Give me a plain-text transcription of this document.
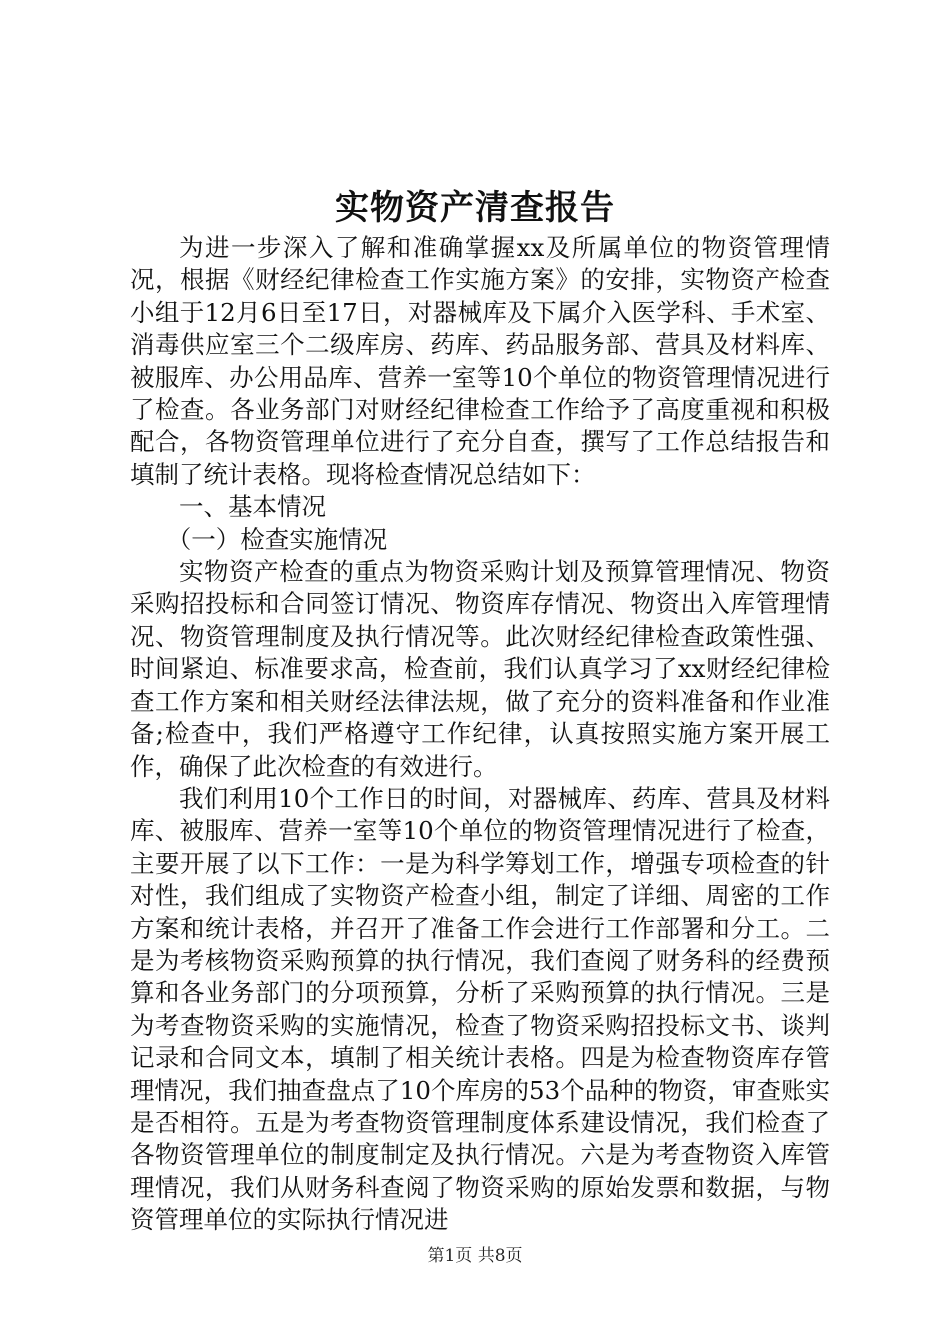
实物资产清查报告

为进一步深入了解和准确掌握xx及所属单位的物资管理情况，根据《财经纪律检查工作实施方案》的安排，实物资产检查小组于12月6日至17日，对器械库及下属介入医学科、手术室、消毒供应室三个二级库房、药库、药品服务部、营具及材料库、被服库、办公用品库、营养一室等10个单位的物资管理情况进行了检查。各业务部门对财经纪律检查工作给予了高度重视和积极配合，各物资管理单位进行了充分自查，撰写了工作总结报告和填制了统计表格。现将检查情况总结如下：

一、基本情况

（一）检查实施情况

实物资产检查的重点为物资采购计划及预算管理情况、物资采购招投标和合同签订情况、物资库存情况、物资出入库管理情况、物资管理制度及执行情况等。此次财经纪律检查政策性强、时间紧迫、标准要求高，检查前，我们认真学习了xx财经纪律检查工作方案和相关财经法律法规，做了充分的资料准备和作业准备;检查中，我们严格遵守工作纪律，认真按照实施方案开展工作，确保了此次检查的有效进行。

我们利用10个工作日的时间，对器械库、药库、营具及材料库、被服库、营养一室等10个单位的物资管理情况进行了检查，主要开展了以下工作：一是为科学筹划工作，增强专项检查的针对性，我们组成了实物资产检查小组，制定了详细、周密的工作方案和统计表格，并召开了准备工作会进行工作部署和分工。二是为考核物资采购预算的执行情况，我们查阅了财务科的经费预算和各业务部门的分项预算，分析了采购预算的执行情况。三是为考查物资采购的实施情况，检查了物资采购招投标文书、谈判记录和合同文本，填制了相关统计表格。四是为检查物资库存管理情况，我们抽查盘点了10个库房的53个品种的物资，审查账实是否相符。五是为考查物资管理制度体系建设情况，我们检查了各物资管理单位的制度制定及执行情况。六是为考查物资入库管理情况，我们从财务科查阅了物资采购的原始发票和数据，与物资管理单位的实际执行情况进

第1页 共8页
